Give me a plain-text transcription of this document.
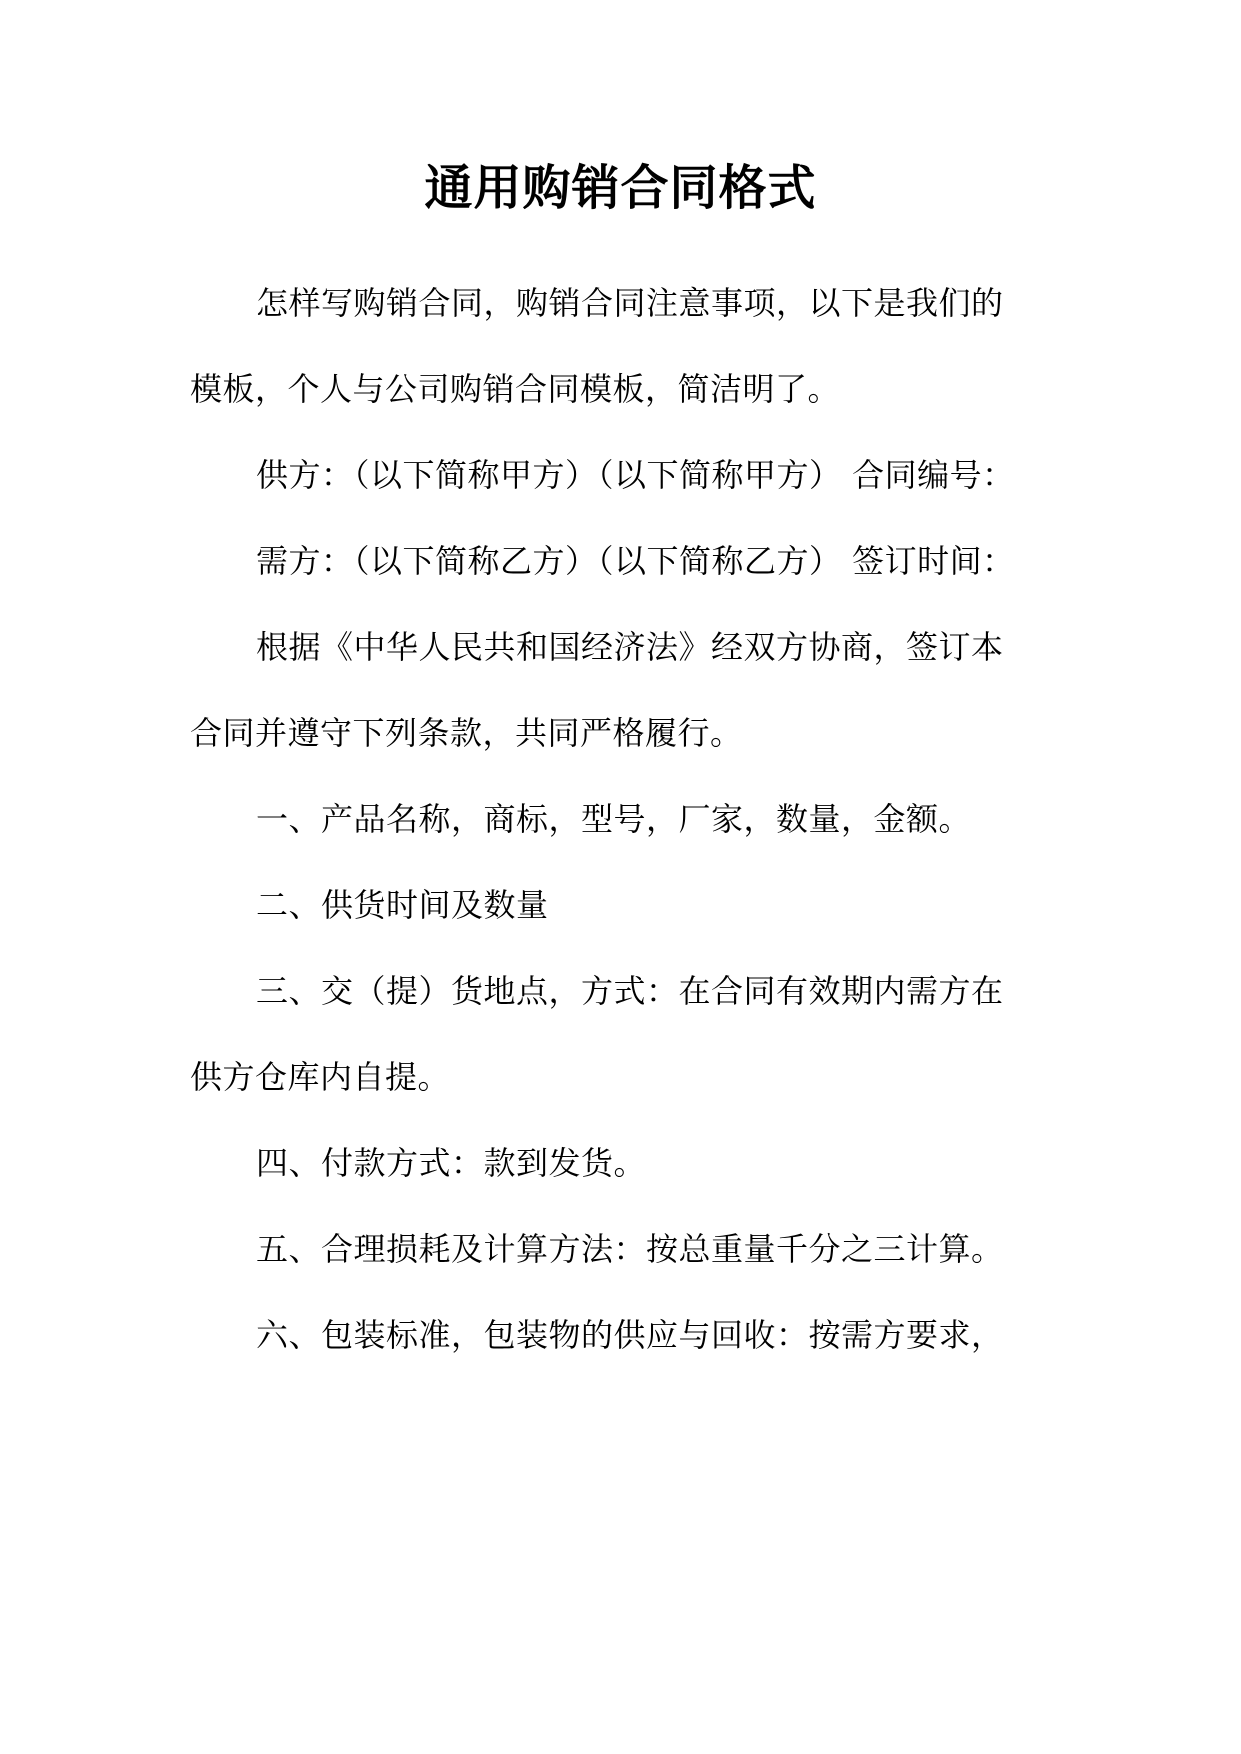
通用购销合同格式
怎样写购销合同，购销合同注意事项，以下是我们的
模板，个人与公司购销合同模板，简洁明了。
供方：（以下简称甲方）（以下简称甲方） 合同编号：
需方：（以下简称乙方）（以下简称乙方） 签订时间：
根据《中华人民共和国经济法》经双方协商，签订本
合同并遵守下列条款，共同严格履行。
一、产品名称，商标，型号，厂家，数量，金额。
二、供货时间及数量
三、交（提）货地点，方式：在合同有效期内需方在
供方仓库内自提。
四、付款方式：款到发货。
五、合理损耗及计算方法：按总重量千分之三计算。
六、包装标准，包装物的供应与回收：按需方要求，
